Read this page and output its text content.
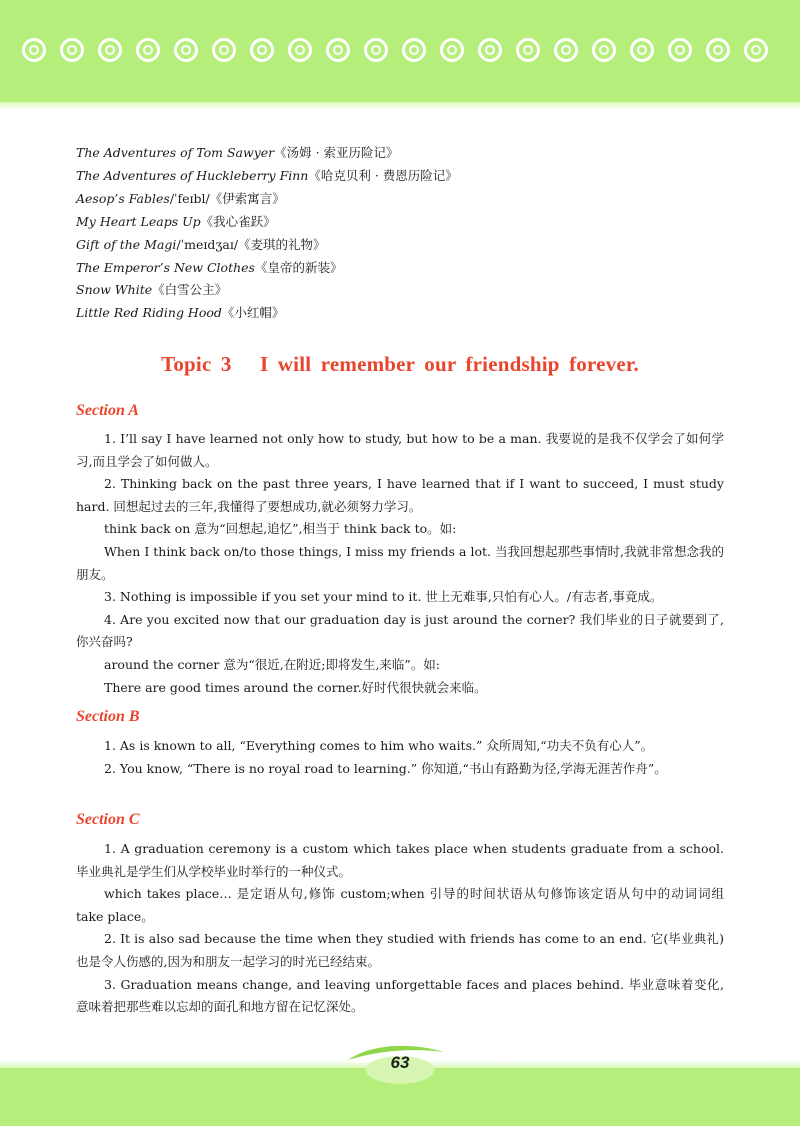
The Adventures of Tom Sawyer《汤姆 · 索亚历险记》
The Adventures of Huckleberry Finn《哈克贝利 · 费恩历险记》
Aesop’s Fables/ˈfeɪbl/《伊索寓言》
My Heart Leaps Up《我心雀跃》
Gift of the Magi/ˈmeɪdʒaɪ/《麦琪的礼物》
The Emperor’s New Clothes《皇帝的新装》
Snow White《白雪公主》
Little Red Riding Hood《小红帽》
Topic 3   I will remember our friendship forever.
Section A

1. I’ll say I have learned not only how to study, but how to be a man. 我要说的是我不仅学会了如何学习,而且学会了如何做人。

2. Thinking back on the past three years, I have learned that if I want to succeed, I must study hard. 回想起过去的三年,我懂得了要想成功,就必须努力学习。

think back on 意为“回想起,追忆”,相当于 think back to。如:

When I think back on/to those things, I miss my friends a lot. 当我回想起那些事情时,我就非常想念我的朋友。

3. Nothing is impossible if you set your mind to it. 世上无难事,只怕有心人。/有志者,事竟成。

4. Are you excited now that our graduation day is just around the corner? 我们毕业的日子就要到了,你兴奋吗?

around the corner 意为“很近,在附近;即将发生,来临”。如:

There are good times around the corner.好时代很快就会来临。

Section B

1. As is known to all, “Everything comes to him who waits.” 众所周知,“功夫不负有心人”。

2. You know, “There is no royal road to learning.” 你知道,“书山有路勤为径,学海无涯苦作舟”。

Section C

1. A graduation ceremony is a custom which takes place when students graduate from a school. 毕业典礼是学生们从学校毕业时举行的一种仪式。

which takes place… 是定语从句,修饰 custom;when 引导的时间状语从句修饰该定语从句中的动词词组 take place。

2. It is also sad because the time when they studied with friends has come to an end. 它(毕业典礼)也是令人伤感的,因为和朋友一起学习的时光已经结束。

3. Graduation means change, and leaving unforgettable faces and places behind. 毕业意味着变化,意味着把那些难以忘却的面孔和地方留在记忆深处。

63
